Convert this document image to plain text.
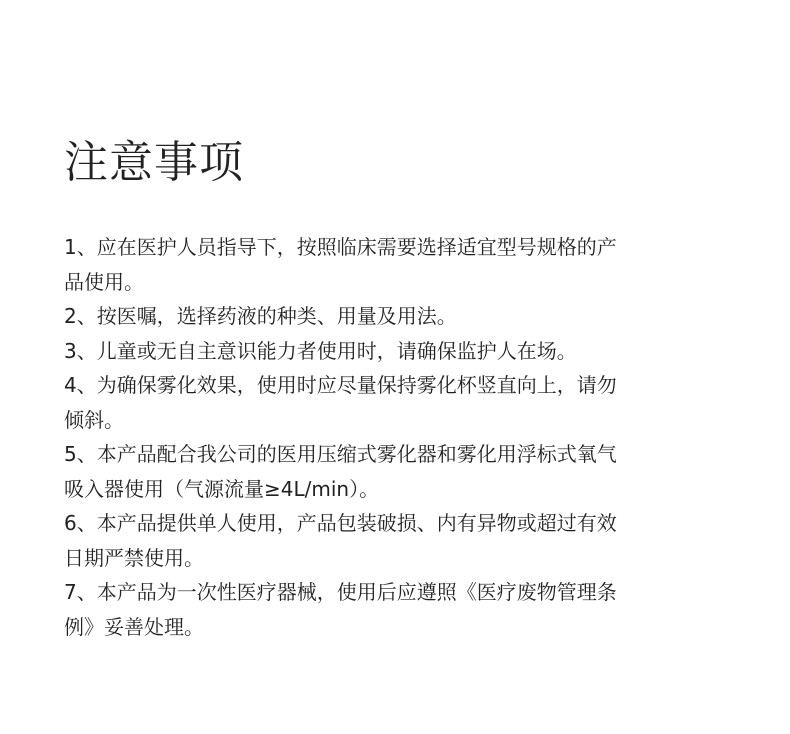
注意事项
1、应在医护人员指导下，按照临床需要选择适宜型号规格的产
品使用。
2、按医嘱，选择药液的种类、用量及用法。
3、儿童或无自主意识能力者使用时，请确保监护人在场。
4、为确保雾化效果，使用时应尽量保持雾化杯竖直向上，请勿
倾斜。
5、本产品配合我公司的医用压缩式雾化器和雾化用浮标式氧气
吸入器使用（气源流量≥4L/min）。
6、本产品提供单人使用，产品包装破损、内有异物或超过有效
日期严禁使用。
7、本产品为一次性医疗器械，使用后应遵照《医疗废物管理条
例》妥善处理。
